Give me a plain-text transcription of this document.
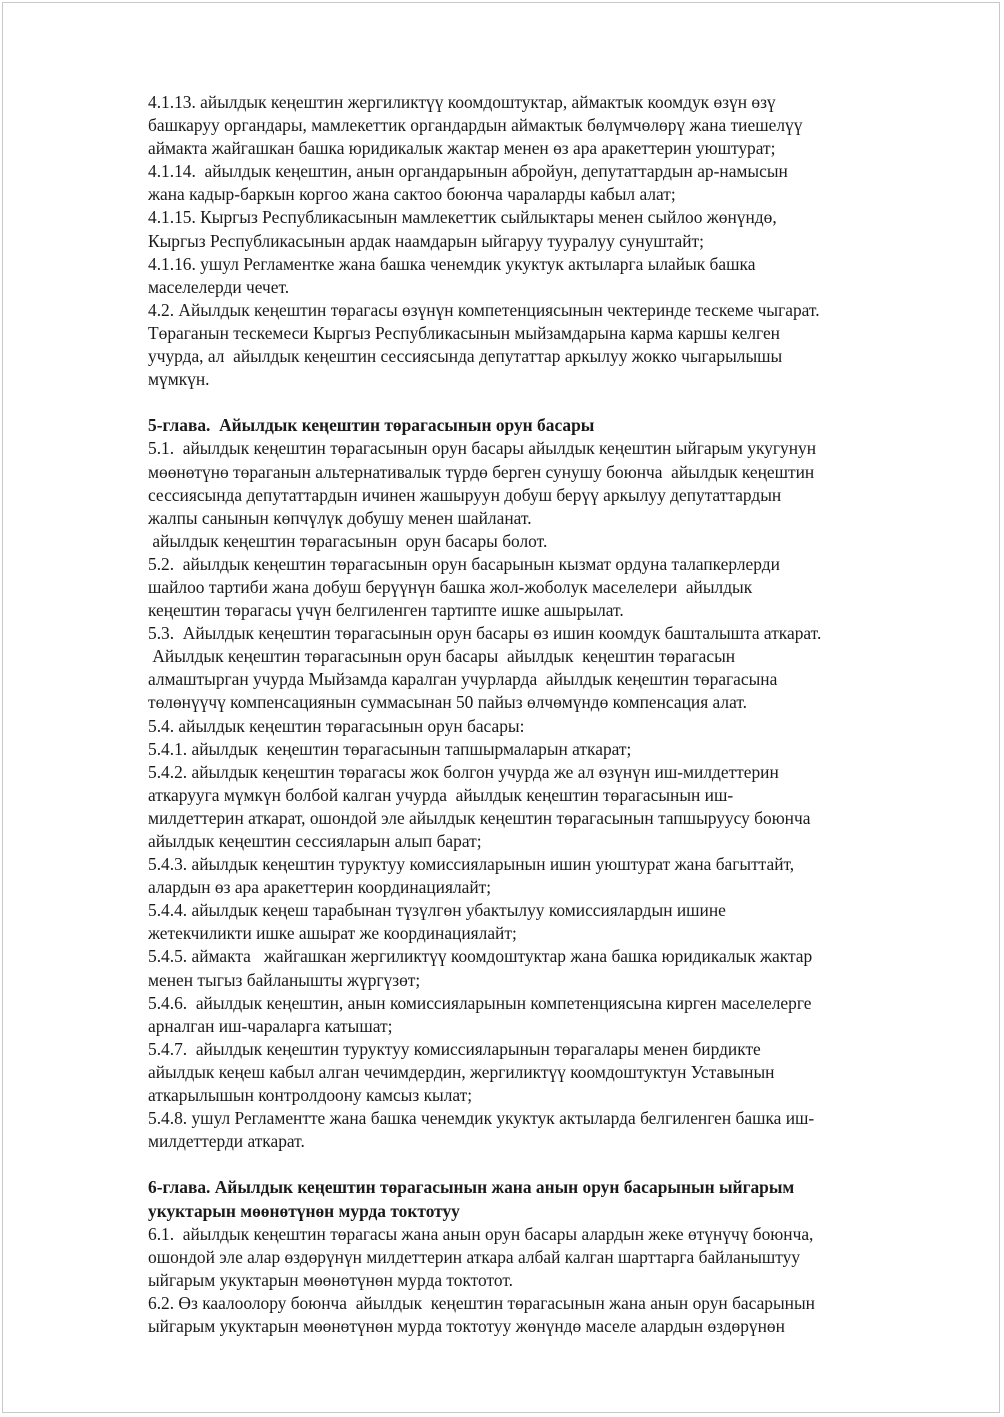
4.1.13. айылдык кеңештин жергиликтүү коомдоштуктар, аймактык коомдук өзүн өзү
башкаруу органдары, мамлекеттик органдардын аймактык бөлүмчөлөрү жана тиешелүү
аймакта жайгашкан башка юридикалык жактар менен өз ара аракеттерин уюштурат;
4.1.14.  айылдык кеңештин, анын органдарынын абройун, депутаттардын ар-намысын
жана кадыр-баркын коргоо жана сактоо боюнча чараларды кабыл алат;
4.1.15. Кыргыз Республикасынын мамлекеттик сыйлыктары менен сыйлоо жөнүндө,
Кыргыз Республикасынын ардак наамдарын ыйгаруу тууралуу сунуштайт;
4.1.16. ушул Регламентке жана башка ченемдик укуктук актыларга ылайык башка
маселелерди чечет.
4.2. Айылдык кеңештин төрагасы өзүнүн компетенциясынын чектеринде тескеме чыгарат.
Төраганын тескемеси Кыргыз Республикасынын мыйзамдарына карма каршы келген
учурда, ал  айылдык кеңештин сессиясында депутаттар аркылуу жокко чыгарылышы
мүмкүн.
5-глава.  Айылдык кеңештин төрагасынын орун басары
5.1.  айылдык кеңештин төрагасынын орун басары айылдык кеңештин ыйгарым укугунун
мөөнөтүнө төраганын альтернативалык түрдө берген сунушу боюнча  айылдык кеңештин
сессиясында депутаттардын ичинен жашыруун добуш берүү аркылуу депутаттардын
жалпы санынын көпчүлүк добушу менен шайланат.
айылдык кеңештин төрагасынын  орун басары болот.
5.2.  айылдык кеңештин төрагасынын орун басарынын кызмат ордуна талапкерлерди
шайлоо тартиби жана добуш берүүнүн башка жол-жоболук маселелери  айылдык
кеңештин төрагасы үчүн белгиленген тартипте ишке ашырылат.
5.3.  Айылдык кеңештин төрагасынын орун басары өз ишин коомдук башталышта аткарат.
Айылдык кеңештин төрагасынын орун басары  айылдык  кеңештин төрагасын
алмаштырган учурда Мыйзамда каралган учурларда  айылдык кеңештин төрагасына
төлөнүүчү компенсациянын суммасынан 50 пайыз өлчөмүндө компенсация алат.
5.4. айылдык кеңештин төрагасынын орун басары:
5.4.1. айылдык  кеңештин төрагасынын тапшырмаларын аткарат;
5.4.2. айылдык кеңештин төрагасы жок болгон учурда же ал өзүнүн иш-милдеттерин
аткарууга мүмкүн болбой калган учурда  айылдык кеңештин төрагасынын иш-
милдеттерин аткарат, ошондой эле айылдык кеңештин төрагасынын тапшыруусу боюнча
айылдык кеңештин сессияларын алып барат;
5.4.3. айылдык кеңештин туруктуу комиссияларынын ишин уюштурат жана багыттайт,
алардын өз ара аракеттерин координациялайт;
5.4.4. айылдык кеңеш тарабынан түзүлгөн убактылуу комиссиялардын ишине
жетекчиликти ишке ашырат же координациялайт;
5.4.5. аймакта   жайгашкан жергиликтүү коомдоштуктар жана башка юридикалык жактар
менен тыгыз байланышты жүргүзөт;
5.4.6.  айылдык кеңештин, анын комиссияларынын компетенциясына кирген маселелерге
арналган иш-чараларга катышат;
5.4.7.  айылдык кеңештин туруктуу комиссияларынын төрагалары менен бирдикте
айылдык кеңеш кабыл алган чечимдердин, жергиликтүү коомдоштуктун Уставынын
аткарылышын контролдоону камсыз кылат;
5.4.8. ушул Регламентте жана башка ченемдик укуктук актыларда белгиленген башка иш-
милдеттерди аткарат.
6-глава. Айылдык кеңештин төрагасынын жана анын орун басарынын ыйгарым
укуктарын мөөнөтүнөн мурда токтотуу
6.1.  айылдык кеңештин төрагасы жана анын орун басары алардын жеке өтүнүчү боюнча,
ошондой эле алар өздөрүнүн милдеттерин аткара албай калган шарттарга байланыштуу
ыйгарым укуктарын мөөнөтүнөн мурда токтотот.
6.2. Өз каалоолору боюнча  айылдык  кеңештин төрагасынын жана анын орун басарынын
ыйгарым укуктарын мөөнөтүнөн мурда токтотуу жөнүндө маселе алардын өздөрүнөн
